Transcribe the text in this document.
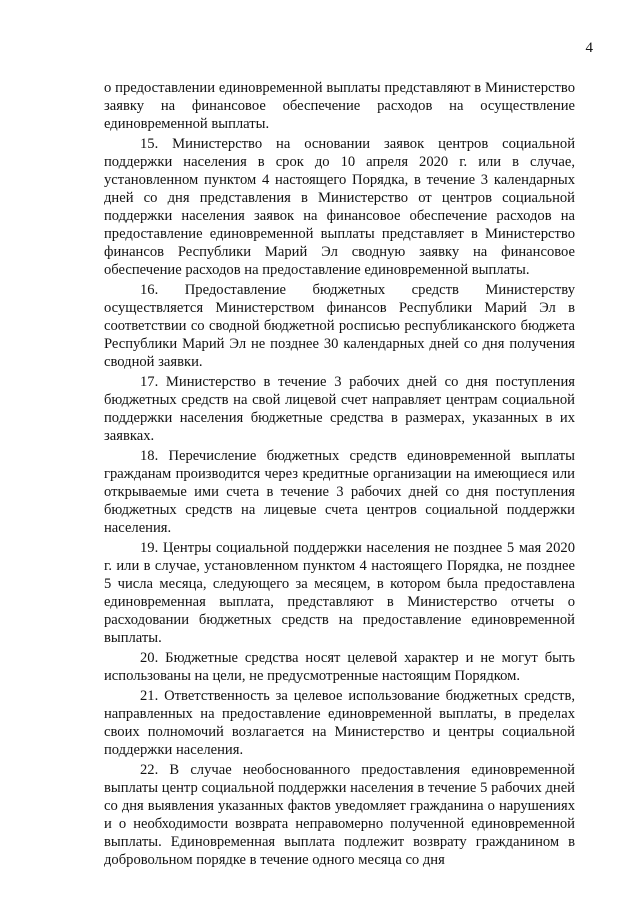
4

о предоставлении единовременной выплаты представляют в Министерство заявку на финансовое обеспечение расходов на осуществление единовременной выплаты.

15. Министерство на основании заявок центров социальной поддержки населения в срок до 10 апреля 2020 г. или в случае, установленном пунктом 4 настоящего Порядка, в течение 3 календарных дней со дня представления в Министерство от центров социальной поддержки населения заявок на финансовое обеспечение расходов на предоставление единовременной выплаты представляет в Министерство финансов Республики Марий Эл сводную заявку на финансовое обеспечение расходов на предоставление единовременной выплаты.

16. Предоставление бюджетных средств Министерству осуществляется Министерством финансов Республики Марий Эл в соответствии со сводной бюджетной росписью республиканского бюджета Республики Марий Эл не позднее 30 календарных дней со дня получения сводной заявки.

17. Министерство в течение 3 рабочих дней со дня поступления бюджетных средств на свой лицевой счет направляет центрам социальной поддержки населения бюджетные средства в размерах, указанных в их заявках.

18. Перечисление бюджетных средств единовременной выплаты гражданам производится через кредитные организации на имеющиеся или открываемые ими счета в течение 3 рабочих дней со дня поступления бюджетных средств на лицевые счета центров социальной поддержки населения.

19. Центры социальной поддержки населения не позднее 5 мая 2020 г. или в случае, установленном пунктом 4 настоящего Порядка, не позднее 5 числа месяца, следующего за месяцем, в котором была предоставлена единовременная выплата, представляют в Министерство отчеты о расходовании бюджетных средств на предоставление единовременной выплаты.

20. Бюджетные средства носят целевой характер и не могут быть использованы на цели, не предусмотренные настоящим Порядком.

21. Ответственность за целевое использование бюджетных средств, направленных на предоставление единовременной выплаты, в пределах своих полномочий возлагается на Министерство и центры социальной поддержки населения.

22. В случае необоснованного предоставления единовременной выплаты центр социальной поддержки населения в течение 5 рабочих дней со дня выявления указанных фактов уведомляет гражданина о нарушениях и о необходимости возврата неправомерно полученной единовременной выплаты. Единовременная выплата подлежит возврату гражданином в добровольном порядке в течение одного месяца со дня
